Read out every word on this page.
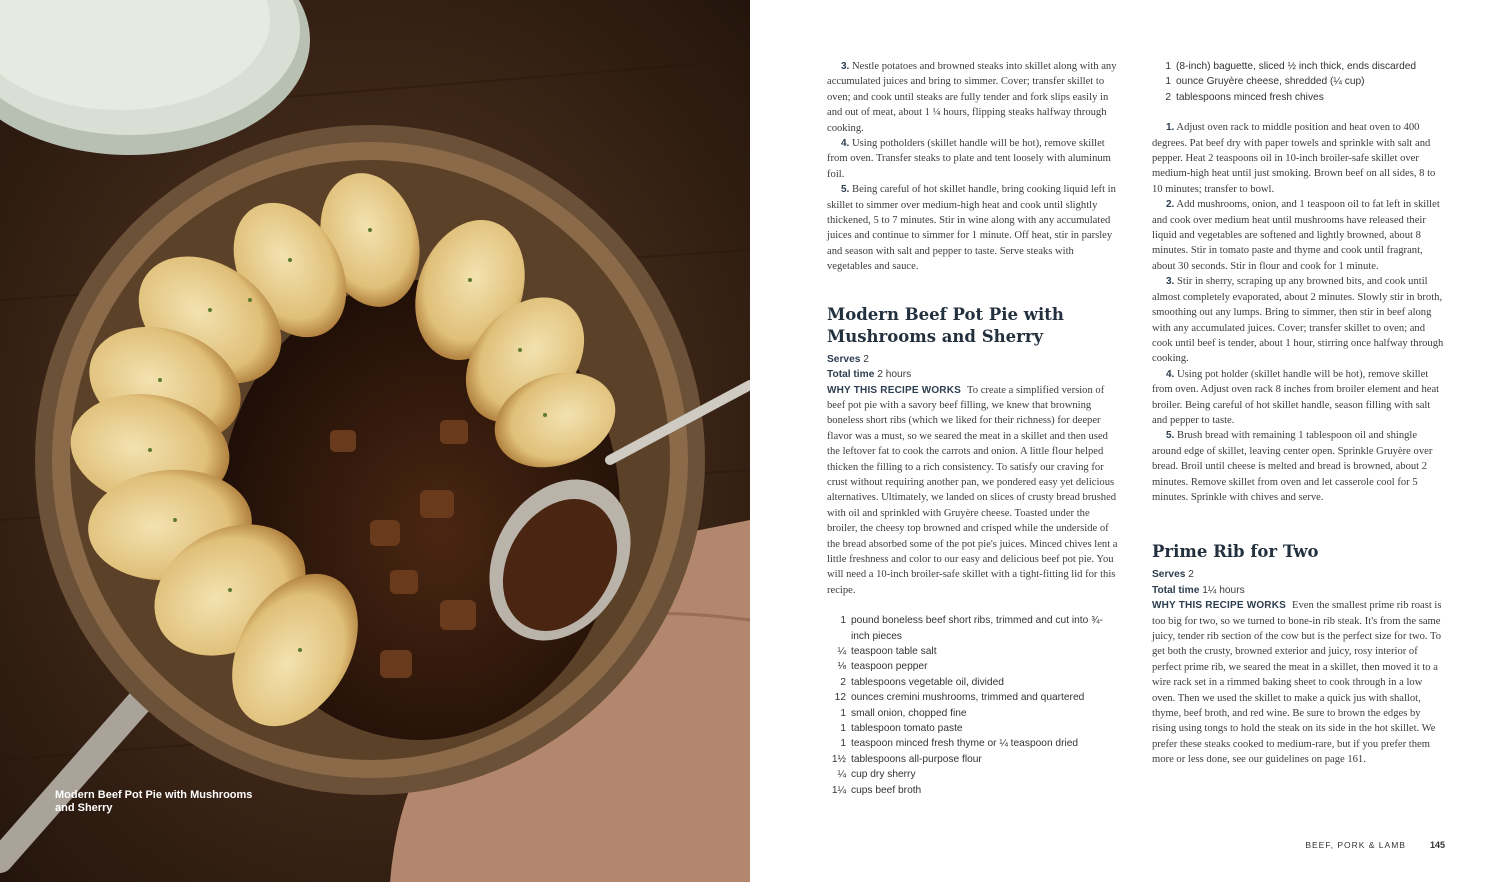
Modern Beef Pot Pie with Mushrooms and Sherry

3. Nestle potatoes and browned steaks into skillet along with any accumulated juices and bring to simmer. Cover; transfer skillet to oven; and cook until steaks are fully tender and fork slips easily in and out of meat, about 1 ¼ hours, flipping steaks halfway through cooking.

4. Using potholders (skillet handle will be hot), remove skillet from oven. Transfer steaks to plate and tent loosely with aluminum foil.

5. Being careful of hot skillet handle, bring cooking liquid left in skillet to simmer over medium-high heat and cook until slightly thickened, 5 to 7 minutes. Stir in wine along with any accumulated juices and continue to simmer for 1 minute. Off heat, stir in parsley and season with salt and pepper to taste. Serve steaks with vegetables and sauce.

Modern Beef Pot Pie with Mushrooms and Sherry

Serves 2

Total time 2 hours

WHY THIS RECIPE WORKS To create a simplified version of beef pot pie with a savory beef filling, we knew that browning boneless short ribs (which we liked for their richness) for deeper flavor was a must, so we seared the meat in a skillet and then used the leftover fat to cook the carrots and onion. A little flour helped thicken the filling to a rich consistency. To satisfy our craving for crust without requiring another pan, we pondered easy yet delicious alternatives. Ultimately, we landed on slices of crusty bread brushed with oil and sprinkled with Gruyère cheese. Toasted under the broiler, the cheesy top browned and crisped while the underside of the bread absorbed some of the pot pie's juices. Minced chives lent a little freshness and color to our easy and delicious beef pot pie. You will need a 10-inch broiler-safe skillet with a tight-fitting lid for this recipe.

1 pound boneless beef short ribs, trimmed and cut into ¾-inch pieces
¼ teaspoon table salt
⅛ teaspoon pepper
2 tablespoons vegetable oil, divided
12 ounces cremini mushrooms, trimmed and quartered
1 small onion, chopped fine
1 tablespoon tomato paste
1 teaspoon minced fresh thyme or ¼ teaspoon dried
1½ tablespoons all-purpose flour
¼ cup dry sherry
1¼ cups beef broth
1 (8-inch) baguette, sliced ½ inch thick, ends discarded
1 ounce Gruyère cheese, shredded (¼ cup)
2 tablespoons minced fresh chives

1. Adjust oven rack to middle position and heat oven to 400 degrees. Pat beef dry with paper towels and sprinkle with salt and pepper. Heat 2 teaspoons oil in 10-inch broiler-safe skillet over medium-high heat until just smoking. Brown beef on all sides, 8 to 10 minutes; transfer to bowl.

2. Add mushrooms, onion, and 1 teaspoon oil to fat left in skillet and cook over medium heat until mushrooms have released their liquid and vegetables are softened and lightly browned, about 8 minutes. Stir in tomato paste and thyme and cook until fragrant, about 30 seconds. Stir in flour and cook for 1 minute.

3. Stir in sherry, scraping up any browned bits, and cook until almost completely evaporated, about 2 minutes. Slowly stir in broth, smoothing out any lumps. Bring to simmer, then stir in beef along with any accumulated juices. Cover; transfer skillet to oven; and cook until beef is tender, about 1 hour, stirring once halfway through cooking.

4. Using pot holder (skillet handle will be hot), remove skillet from oven. Adjust oven rack 8 inches from broiler element and heat broiler. Being careful of hot skillet handle, season filling with salt and pepper to taste.

5. Brush bread with remaining 1 tablespoon oil and shingle around edge of skillet, leaving center open. Sprinkle Gruyère over bread. Broil until cheese is melted and bread is browned, about 2 minutes. Remove skillet from oven and let casserole cool for 5 minutes. Sprinkle with chives and serve.

Prime Rib for Two

Serves 2

Total time 1¼ hours

WHY THIS RECIPE WORKS Even the smallest prime rib roast is too big for two, so we turned to bone-in rib steak. It's from the same juicy, tender rib section of the cow but is the perfect size for two. To get both the crusty, browned exterior and juicy, rosy interior of perfect prime rib, we seared the meat in a skillet, then moved it to a wire rack set in a rimmed baking sheet to cook through in a low oven. Then we used the skillet to make a quick jus with shallot, thyme, beef broth, and red wine. Be sure to brown the edges by rising using tongs to hold the steak on its side in the hot skillet. We prefer these steaks cooked to medium-rare, but if you prefer them more or less done, see our guidelines on page 161.

BEEF, PORK & LAMB	145
